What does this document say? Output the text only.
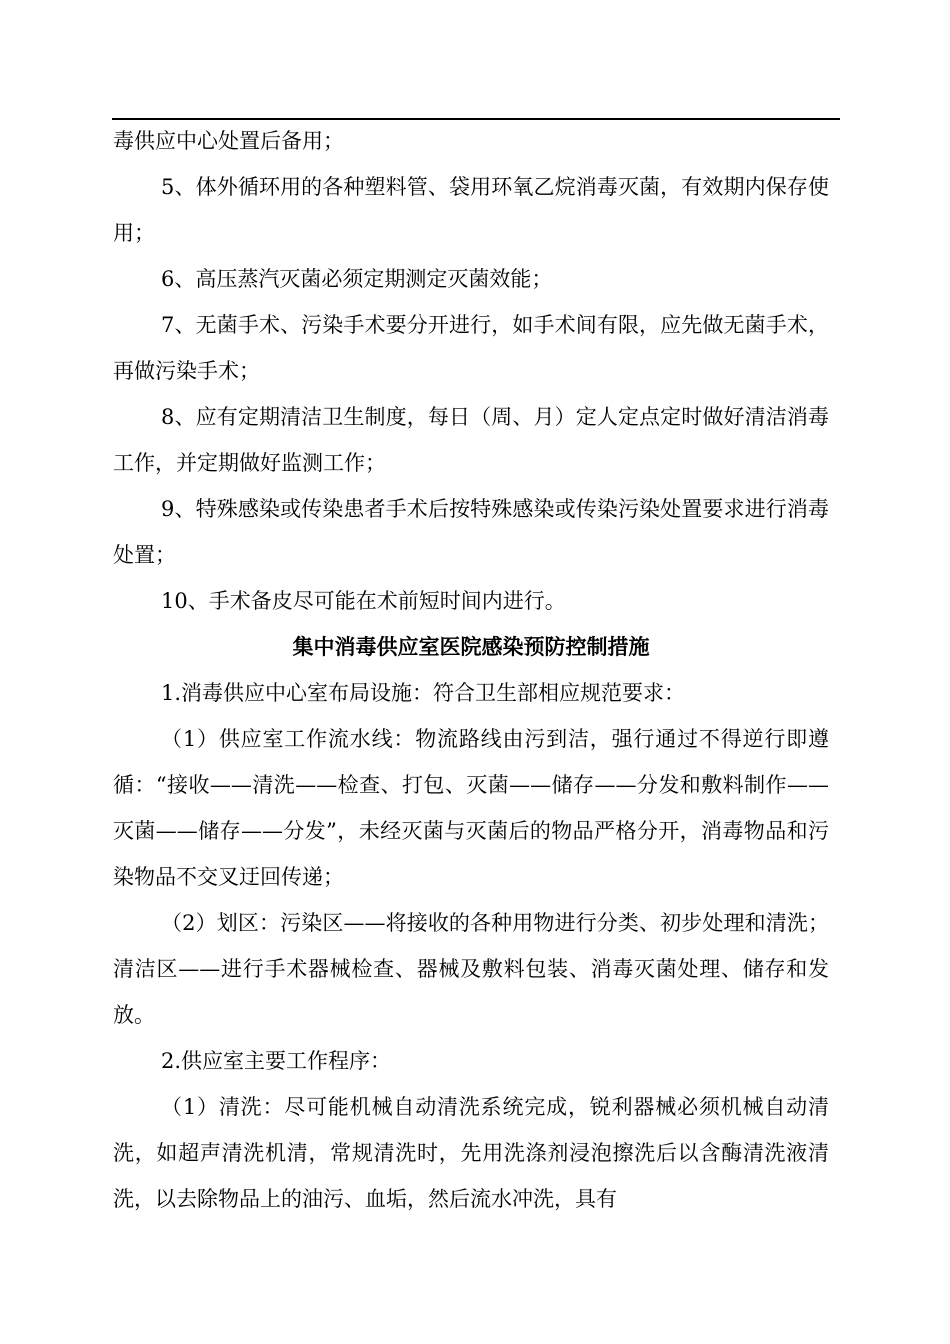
毒供应中心处置后备用；

5、体外循环用的各种塑料管、袋用环氧乙烷消毒灭菌，有效期内保存使用；

6、高压蒸汽灭菌必须定期测定灭菌效能；

7、无菌手术、污染手术要分开进行，如手术间有限，应先做无菌手术，再做污染手术；

8、应有定期清洁卫生制度，每日（周、月）定人定点定时做好清洁消毒工作，并定期做好监测工作；

9、特殊感染或传染患者手术后按特殊感染或传染污染处置要求进行消毒处置；

10、手术备皮尽可能在术前短时间内进行。

集中消毒供应室医院感染预防控制措施

1.消毒供应中心室布局设施：符合卫生部相应规范要求：

（1）供应室工作流水线：物流路线由污到洁，强行通过不得逆行即遵循：“接收——清洗——检查、打包、灭菌——储存——分发和敷料制作——灭菌——储存——分发”，未经灭菌与灭菌后的物品严格分开，消毒物品和污染物品不交叉迂回传递；

（2）划区：污染区——将接收的各种用物进行分类、初步处理和清洗；清洁区——进行手术器械检查、器械及敷料包装、消毒灭菌处理、储存和发放。

2.供应室主要工作程序：

（1）清洗：尽可能机械自动清洗系统完成，锐利器械必须机械自动清洗，如超声清洗机清，常规清洗时，先用洗涤剂浸泡擦洗后以含酶清洗液清洗，以去除物品上的油污、血垢，然后流水冲洗，具有
